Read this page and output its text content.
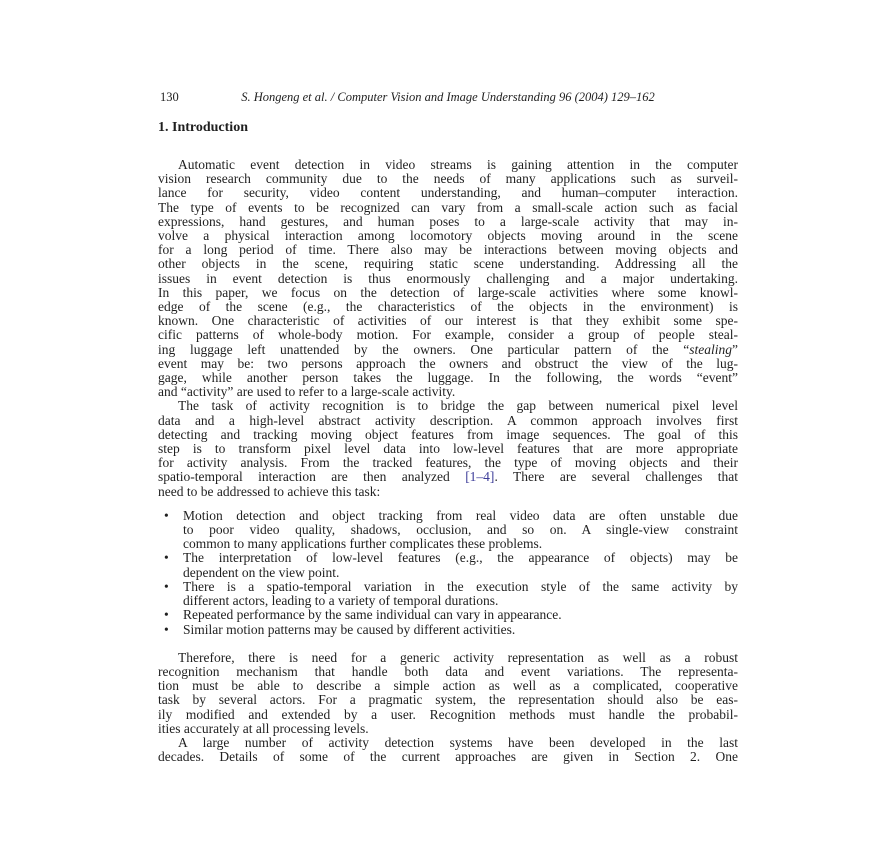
130	S. Hongeng et al. / Computer Vision and Image Understanding 96 (2004) 129–162
1. Introduction
Automatic event detection in video streams is gaining attention in the computer
vision research community due to the needs of many applications such as surveil-
lance for security, video content understanding, and human–computer interaction.
The type of events to be recognized can vary from a small-scale action such as facial
expressions, hand gestures, and human poses to a large-scale activity that may in-
volve a physical interaction among locomotory objects moving around in the scene
for a long period of time. There also may be interactions between moving objects and
other objects in the scene, requiring static scene understanding. Addressing all the
issues in event detection is thus enormously challenging and a major undertaking.
In this paper, we focus on the detection of large-scale activities where some knowl-
edge of the scene (e.g., the characteristics of the objects in the environment) is
known. One characteristic of activities of our interest is that they exhibit some spe-
cific patterns of whole-body motion. For example, consider a group of people steal-
ing luggage left unattended by the owners. One particular pattern of the “stealing”
event may be: two persons approach the owners and obstruct the view of the lug-
gage, while another person takes the luggage. In the following, the words “event”
and “activity” are used to refer to a large-scale activity.
The task of activity recognition is to bridge the gap between numerical pixel level
data and a high-level abstract activity description. A common approach involves first
detecting and tracking moving object features from image sequences. The goal of this
step is to transform pixel level data into low-level features that are more appropriate
for activity analysis. From the tracked features, the type of moving objects and their
spatio-temporal interaction are then analyzed [1–4]. There are several challenges that
need to be addressed to achieve this task:
• Motion detection and object tracking from real video data are often unstable due
to poor video quality, shadows, occlusion, and so on. A single-view constraint
common to many applications further complicates these problems.
• The interpretation of low-level features (e.g., the appearance of objects) may be
dependent on the view point.
• There is a spatio-temporal variation in the execution style of the same activity by
different actors, leading to a variety of temporal durations.
• Repeated performance by the same individual can vary in appearance.
• Similar motion patterns may be caused by different activities.
Therefore, there is need for a generic activity representation as well as a robust
recognition mechanism that handle both data and event variations. The representa-
tion must be able to describe a simple action as well as a complicated, cooperative
task by several actors. For a pragmatic system, the representation should also be eas-
ily modified and extended by a user. Recognition methods must handle the probabil-
ities accurately at all processing levels.
A large number of activity detection systems have been developed in the last
decades. Details of some of the current approaches are given in Section 2. One
